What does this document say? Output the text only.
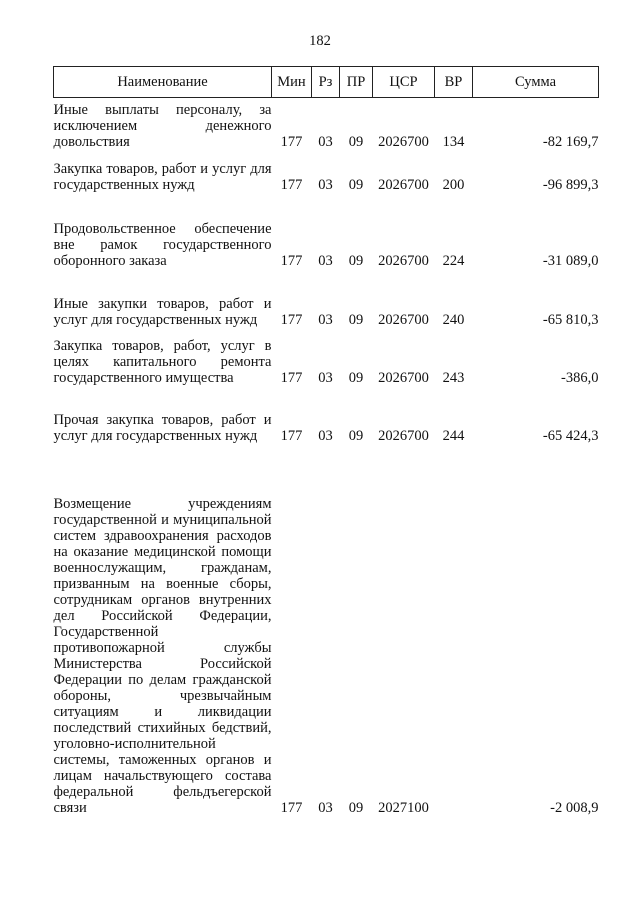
182
Наименование	Мин	Рз	ПР	ЦСР	ВР	Сумма

Иные выплаты персоналу, за исключением денежного довольствия	177	03	09	2026700	134	-82 169,7

Закупка товаров, работ и услуг для государственных нужд	177	03	09	2026700	200	-96 899,3

Продовольственное обеспечение вне рамок государственного оборонного заказа	177	03	09	2026700	224	-31 089,0

Иные закупки товаров, работ и услуг для государственных нужд	177	03	09	2026700	240	-65 810,3

Закупка товаров, работ, услуг в целях капитального ремонта государственного имущества	177	03	09	2026700	243	-386,0

Прочая закупка товаров, работ и услуг для государственных нужд	177	03	09	2026700	244	-65 424,3

Возмещение учреждениям государственной и муниципальной систем здравоохранения расходов на оказание медицинской помощи военнослужащим, гражданам, призванным на военные сборы, сотрудникам органов внутренних дел Российской Федерации, Государственной противопожарной службы Министерства Российской Федерации по делам гражданской обороны, чрезвычайным ситуациям и ликвидации последствий стихийных бедствий, уголовно-исполнительной системы, таможенных органов и лицам начальствующего состава федеральной фельдъегерской связи	177	03	09	2027100		-2 008,9
